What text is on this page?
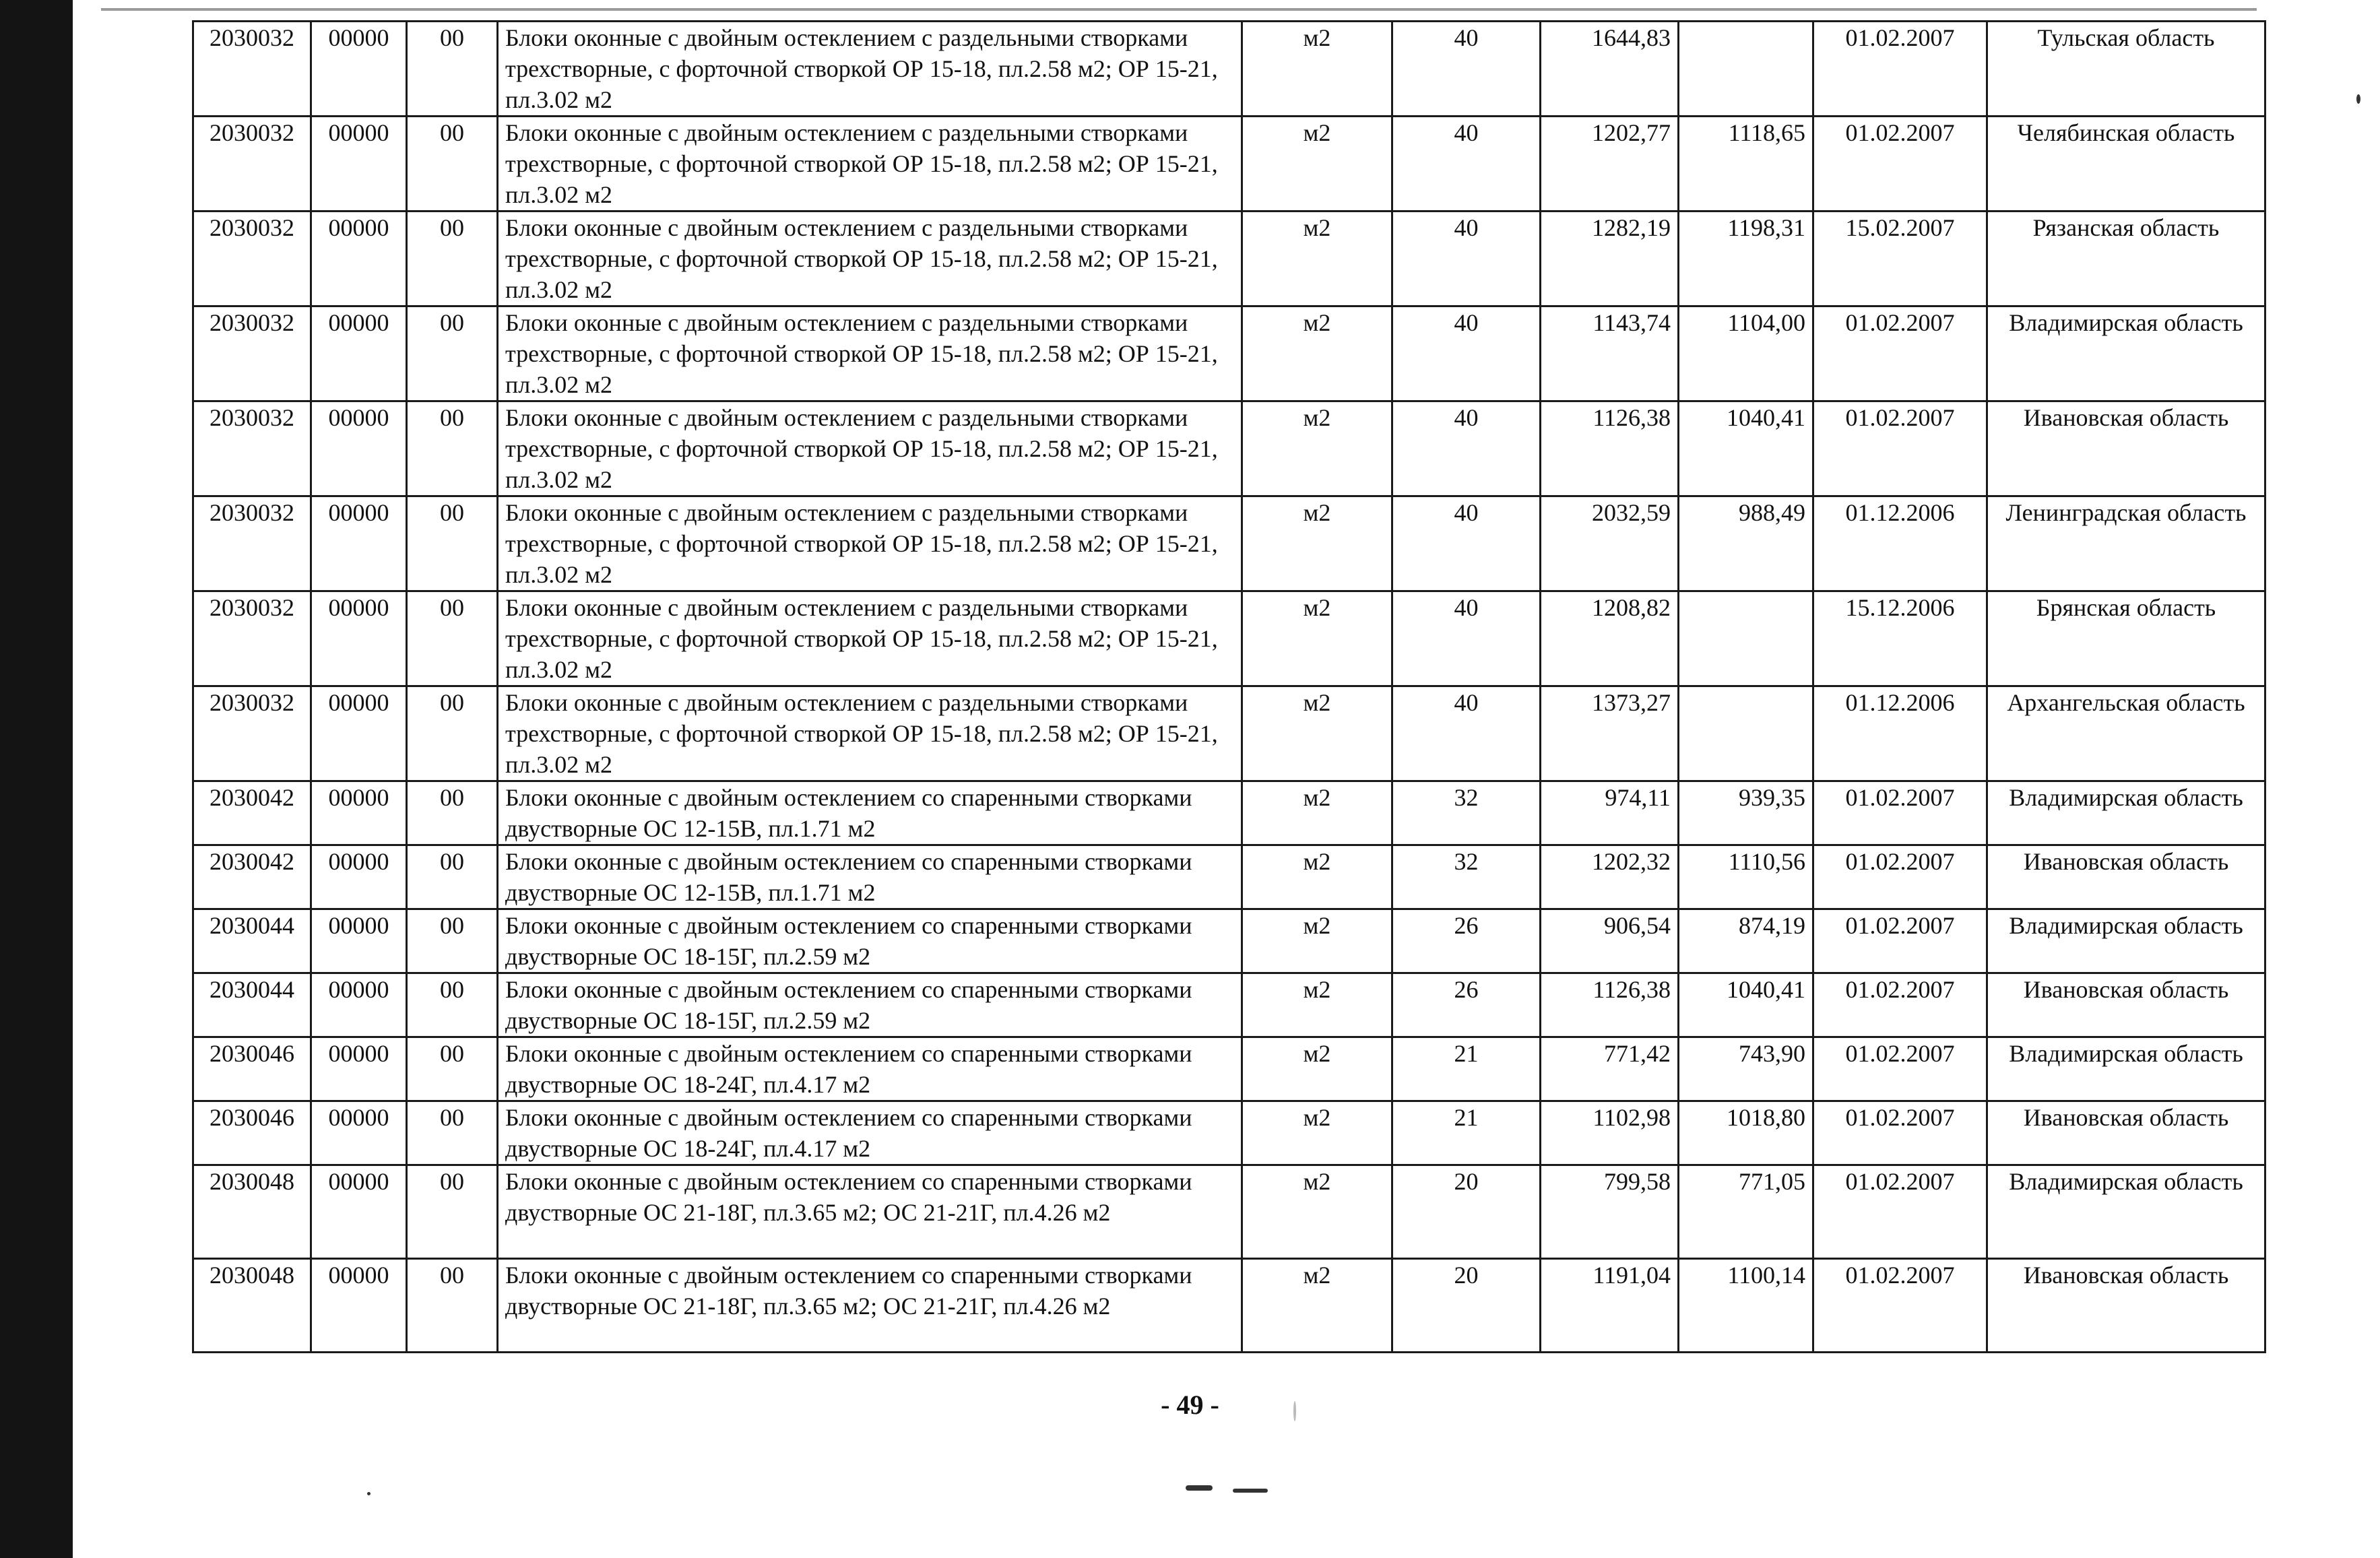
2030032	00000	00	Блоки оконные с двойным остеклением с раздельными створками трехстворные, с форточной створкой ОР 15-18, пл.2.58 м2; ОР 15-21, пл.3.02 м2	м2	40	1644,83		01.02.2007	Тульская область
2030032	00000	00	Блоки оконные с двойным остеклением с раздельными створками трехстворные, с форточной створкой ОР 15-18, пл.2.58 м2; ОР 15-21, пл.3.02 м2	м2	40	1202,77	1118,65	01.02.2007	Челябинская область
2030032	00000	00	Блоки оконные с двойным остеклением с раздельными створками трехстворные, с форточной створкой ОР 15-18, пл.2.58 м2; ОР 15-21, пл.3.02 м2	м2	40	1282,19	1198,31	15.02.2007	Рязанская область
2030032	00000	00	Блоки оконные с двойным остеклением с раздельными створками трехстворные, с форточной створкой ОР 15-18, пл.2.58 м2; ОР 15-21, пл.3.02 м2	м2	40	1143,74	1104,00	01.02.2007	Владимирская область
2030032	00000	00	Блоки оконные с двойным остеклением с раздельными створками трехстворные, с форточной створкой ОР 15-18, пл.2.58 м2; ОР 15-21, пл.3.02 м2	м2	40	1126,38	1040,41	01.02.2007	Ивановская область
2030032	00000	00	Блоки оконные с двойным остеклением с раздельными створками трехстворные, с форточной створкой ОР 15-18, пл.2.58 м2; ОР 15-21, пл.3.02 м2	м2	40	2032,59	988,49	01.12.2006	Ленинградская область
2030032	00000	00	Блоки оконные с двойным остеклением с раздельными створками трехстворные, с форточной створкой ОР 15-18, пл.2.58 м2; ОР 15-21, пл.3.02 м2	м2	40	1208,82		15.12.2006	Брянская область
2030032	00000	00	Блоки оконные с двойным остеклением с раздельными створками трехстворные, с форточной створкой ОР 15-18, пл.2.58 м2; ОР 15-21, пл.3.02 м2	м2	40	1373,27		01.12.2006	Архангельская область
2030042	00000	00	Блоки оконные с двойным остеклением со спаренными створками двустворные ОС 12-15В, пл.1.71 м2	м2	32	974,11	939,35	01.02.2007	Владимирская область
2030042	00000	00	Блоки оконные с двойным остеклением со спаренными створками двустворные ОС 12-15В, пл.1.71 м2	м2	32	1202,32	1110,56	01.02.2007	Ивановская область
2030044	00000	00	Блоки оконные с двойным остеклением со спаренными створками двустворные ОС 18-15Г, пл.2.59 м2	м2	26	906,54	874,19	01.02.2007	Владимирская область
2030044	00000	00	Блоки оконные с двойным остеклением со спаренными створками двустворные ОС 18-15Г, пл.2.59 м2	м2	26	1126,38	1040,41	01.02.2007	Ивановская область
2030046	00000	00	Блоки оконные с двойным остеклением со спаренными створками двустворные ОС 18-24Г, пл.4.17 м2	м2	21	771,42	743,90	01.02.2007	Владимирская область
2030046	00000	00	Блоки оконные с двойным остеклением со спаренными створками двустворные ОС 18-24Г, пл.4.17 м2	м2	21	1102,98	1018,80	01.02.2007	Ивановская область
2030048	00000	00	Блоки оконные с двойным остеклением со спаренными створками двустворные ОС 21-18Г, пл.3.65 м2; ОС 21-21Г, пл.4.26 м2	м2	20	799,58	771,05	01.02.2007	Владимирская область
2030048	00000	00	Блоки оконные с двойным остеклением со спаренными створками двустворные ОС 21-18Г, пл.3.65 м2; ОС 21-21Г, пл.4.26 м2	м2	20	1191,04	1100,14	01.02.2007	Ивановская область
- 49 -
